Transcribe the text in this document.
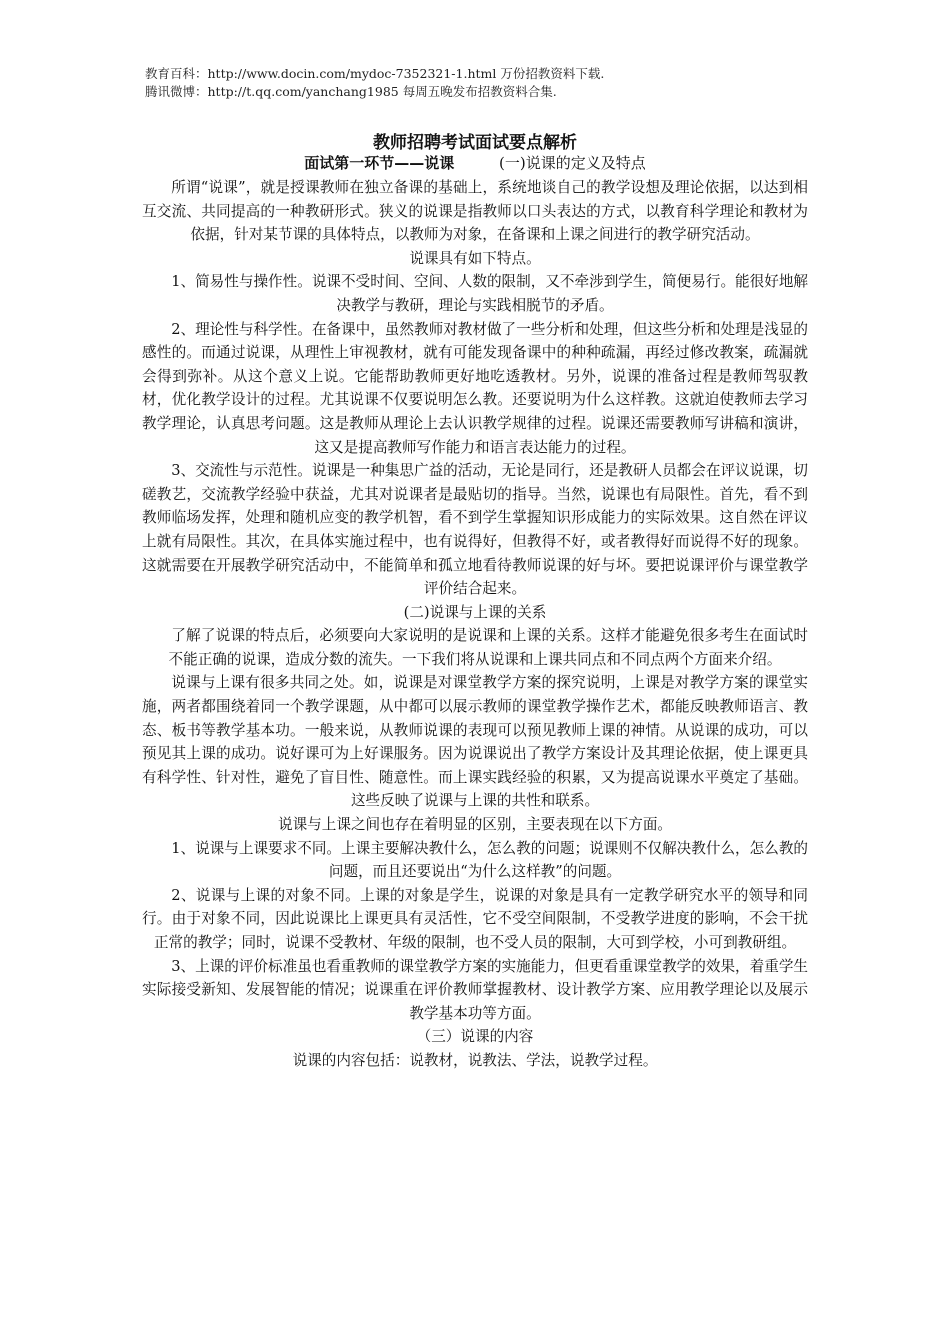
教育百科：http://www.docin.com/mydoc-7352321-1.html 万份招教资料下载.
腾讯微博：http://t.qq.com/yanchang1985 每周五晚发布招教资料合集.
教师招聘考试面试要点解析
面试第一环节——说课	(一)说课的定义及特点

所谓“说课”，就是授课教师在独立备课的基础上，系统地谈自己的教学设想及理论依据，以达到相互交流、共同提高的一种教研形式。狭义的说课是指教师以口头表达的方式，以教育科学理论和教材为依据，针对某节课的具体特点，以教师为对象，在备课和上课之间进行的教学研究活动。

说课具有如下特点。

1、简易性与操作性。说课不受时间、空间、人数的限制，又不牵涉到学生，简便易行。能很好地解决教学与教研，理论与实践相脱节的矛盾。

2、理论性与科学性。在备课中，虽然教师对教材做了一些分析和处理，但这些分析和处理是浅显的感性的。而通过说课，从理性上审视教材，就有可能发现备课中的种种疏漏，再经过修改教案，疏漏就会得到弥补。从这个意义上说。它能帮助教师更好地吃透教材。另外，说课的准备过程是教师驾驭教材，优化教学设计的过程。尤其说课不仅要说明怎么教。还要说明为什么这样教。这就迫使教师去学习教学理论，认真思考问题。这是教师从理论上去认识教学规律的过程。说课还需要教师写讲稿和演讲，这又是提高教师写作能力和语言表达能力的过程。

3、交流性与示范性。说课是一种集思广益的活动，无论是同行，还是教研人员都会在评议说课，切磋教艺，交流教学经验中获益，尤其对说课者是最贴切的指导。当然，说课也有局限性。首先，看不到教师临场发挥，处理和随机应变的教学机智，看不到学生掌握知识形成能力的实际效果。这自然在评议上就有局限性。其次，在具体实施过程中，也有说得好，但教得不好，或者教得好而说得不好的现象。这就需要在开展教学研究活动中，不能简单和孤立地看待教师说课的好与坏。要把说课评价与课堂教学评价结合起来。

(二)说课与上课的关系

了解了说课的特点后，必须要向大家说明的是说课和上课的关系。这样才能避免很多考生在面试时不能正确的说课，造成分数的流失。一下我们将从说课和上课共同点和不同点两个方面来介绍。

说课与上课有很多共同之处。如，说课是对课堂教学方案的探究说明，上课是对教学方案的课堂实施，两者都围绕着同一个教学课题，从中都可以展示教师的课堂教学操作艺术，都能反映教师语言、教态、板书等教学基本功。一般来说，从教师说课的表现可以预见教师上课的神情。从说课的成功，可以预见其上课的成功。说好课可为上好课服务。因为说课说出了教学方案设计及其理论依据，使上课更具有科学性、针对性，避免了盲目性、随意性。而上课实践经验的积累，又为提高说课水平奠定了基础。这些反映了说课与上课的共性和联系。

说课与上课之间也存在着明显的区别，主要表现在以下方面。

1、说课与上课要求不同。上课主要解决教什么，怎么教的问题；说课则不仅解决教什么，怎么教的问题，而且还要说出“为什么这样教”的问题。

2、说课与上课的对象不同。上课的对象是学生，说课的对象是具有一定教学研究水平的领导和同行。由于对象不同，因此说课比上课更具有灵活性，它不受空间限制，不受教学进度的影响，不会干扰正常的教学；同时，说课不受教材、年级的限制，也不受人员的限制，大可到学校，小可到教研组。

3、上课的评价标准虽也看重教师的课堂教学方案的实施能力，但更看重课堂教学的效果，着重学生实际接受新知、发展智能的情况；说课重在评价教师掌握教材、设计教学方案、应用教学理论以及展示教学基本功等方面。

（三）说课的内容

说课的内容包括：说教材，说教法、学法，说教学过程。
